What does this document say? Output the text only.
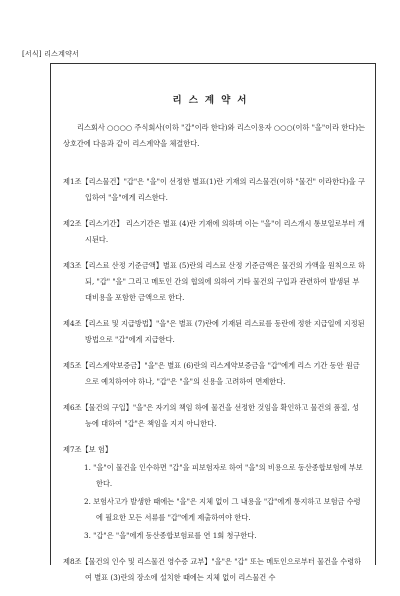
[서식] 리스계약서
리스계약서
리스회사 ○○○○ 주식회사(이하 "갑"이라 한다)와 리스이용자 ○○○(이하 "을"이라 한다)는 상호간에 다음과 같이 리스계약을 체결한다.
제1조【리스물건】"갑"은 "을"이 선정한 별표(1)란 기재의 리스물건(이하 "물건" 이라한다)을 구입하여 "을"에게 리스한다.
제2조【리스기간】 리스기간은 별표 (4)란 기재에 의하며 이는 "을"이 리스개시 통보일로부터 개시된다.
제3조【리스료 산정 기준금액】별표 (5)란의 리스료 산정 기준금액은 물건의 가액을 원칙으로 하되, "갑" "을" 그리고 메토인 간의 협의에 의하여 기타 물건의 구입과 관련하여 발생된 부대비용을 포함한 금액으로 한다.
제4조【리스료 및 지급방법】"을"은 별표 (7)란에 기재된 리스료를 동란에 정한 지급일에 지정된 방법으로 "갑"에게 지급한다.
제5조【리스계약보증금】"을"은 별표 (6)란의 리스계약보증금을 "갑"에게 리스 기간 동안 원금으로 예치하여야 하나, "갑"은 "을"의 신용을 고려하여 면제한다.
제6조【물건의 구입】"을"은 자기의 책임 하에 물건을 선정한 것임을 확인하고 물건의 품질, 성능에 대하여 "갑"은 책임을 지지 아니한다.
제7조【보 험】
1. "을"이 물건을 인수하면 "갑"을 피보험자로 하여 "을"의 비용으로 동산종합보험에 부보한다.
2. 보험사고가 발생한 때에는 "을"은 지체 없이 그 내용을 "갑"에게 통지하고 보험금 수령에 필요한 모든 서류를 "갑"에게 제출하여야 한다.
3. "갑"은 "을"에게 동산종합보험료를 연 1회 청구한다.
제8조【물건의 인수 및 리스물건 영수증 교부】"을"은 "갑" 또는 메토인으로부터 물건을 수령하여 별표 (3)란의 장소에 설치한 때에는 지체 없이 리스물건 수
